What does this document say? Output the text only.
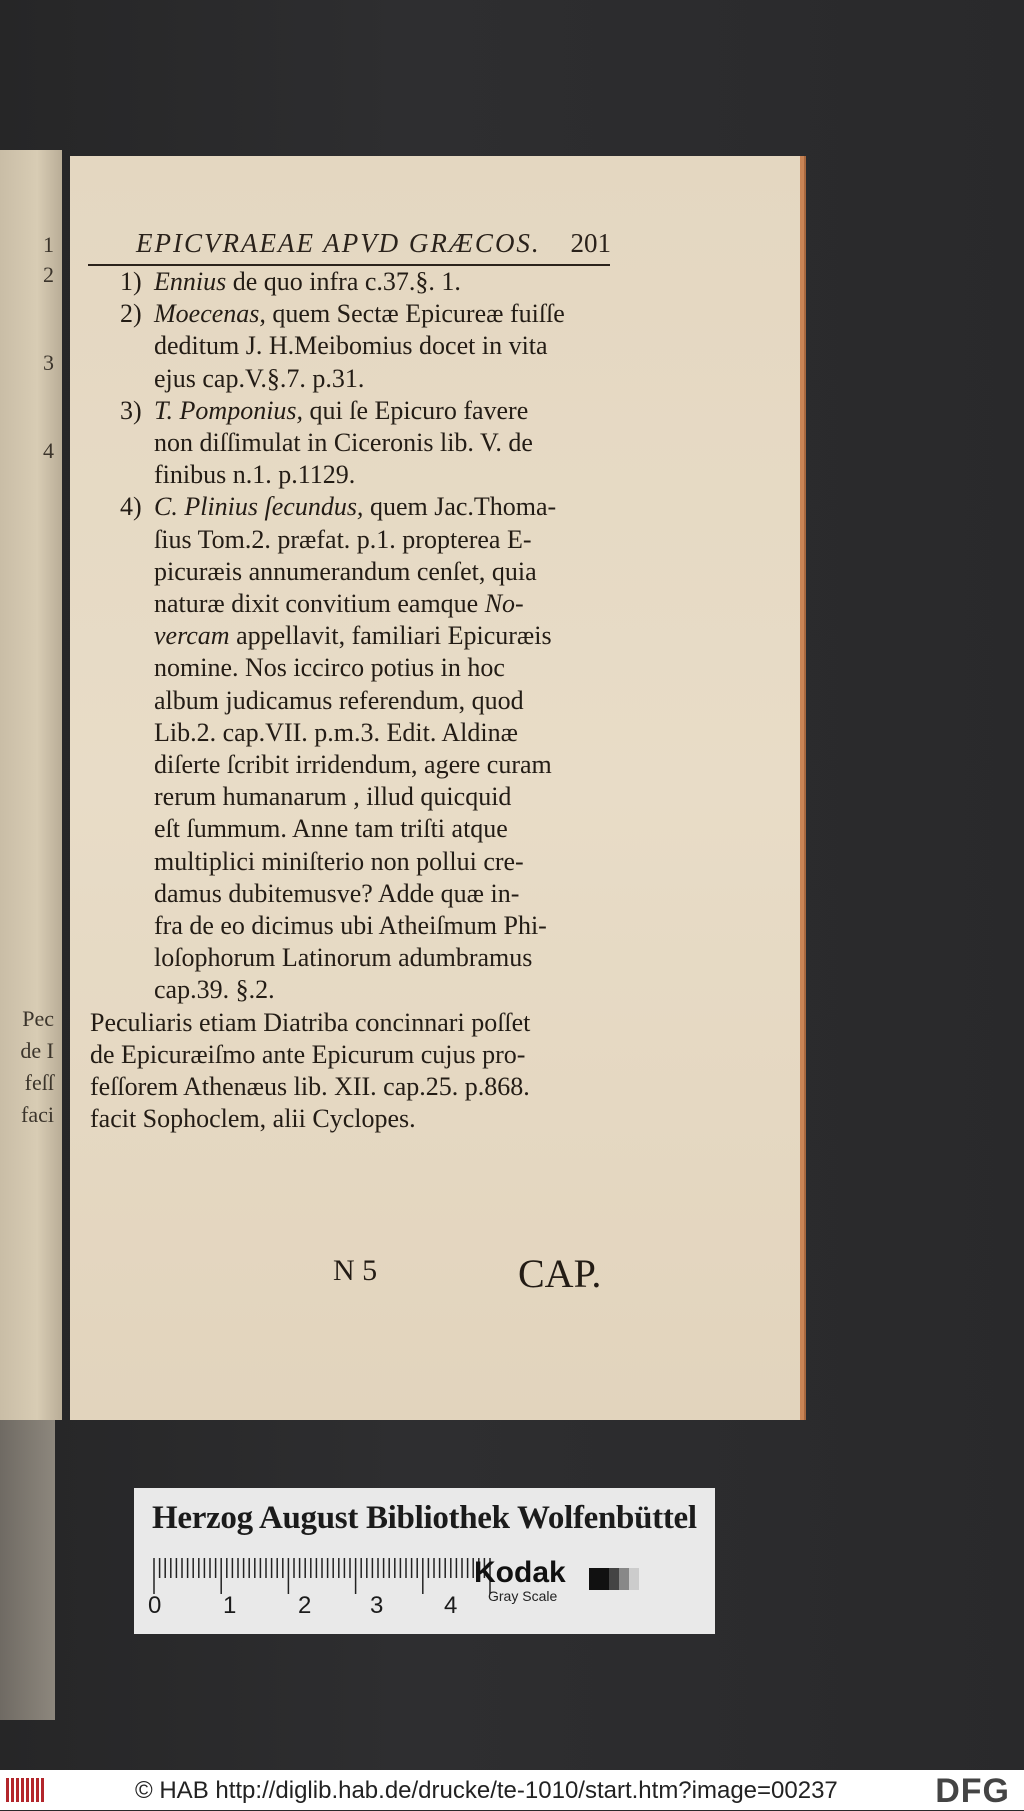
1
2
3
4
Pec
de I
feſſ
faci
EPICVRAEAE APVD GRÆCOS. 201
1) Ennius de quo infra c.37.§. 1.
2) Moecenas, quem Sectæ Epicureæ fuiſſe
deditum J. H.Meibomius docet in vita
ejus cap.V.§.7. p.31.
3) T. Pomponius, qui ſe Epicuro favere
non diſſimulat in Ciceronis lib. V. de
finibus n.1. p.1129.
4) C. Plinius ſecundus, quem Jac.Thoma-
ſius Tom.2. præfat. p.1. propterea E-
picuræis annumerandum cenſet, quia
naturæ dixit convitium eamque No-
vercam appellavit, familiari Epicuræis
nomine. Nos iccirco potius in hoc
album judicamus referendum, quod
Lib.2. cap.VII. p.m.3. Edit. Aldinæ
diſerte ſcribit irridendum, agere curam
rerum humanarum , illud quicquid
eſt ſummum. Anne tam triſti atque
multiplici miniſterio non pollui cre-
damus dubitemusve? Adde quæ in-
fra de eo dicimus ubi Atheiſmum Phi-
loſophorum Latinorum adumbramus
cap.39. §.2.
Peculiaris etiam Diatriba concinnari poſſet
de Epicuræiſmo ante Epicurum cujus pro-
feſſorem Athenæus lib. XII. cap.25. p.868.
facit Sophoclem, alii Cyclopes.
N 5	CAP.
Herzog August Bibliothek Wolfenbüttel
0	1	2 3	4
Kodak
Gray Scale
© HAB http://diglib.hab.de/drucke/te-1010/start.htm?image=00237	DFG
